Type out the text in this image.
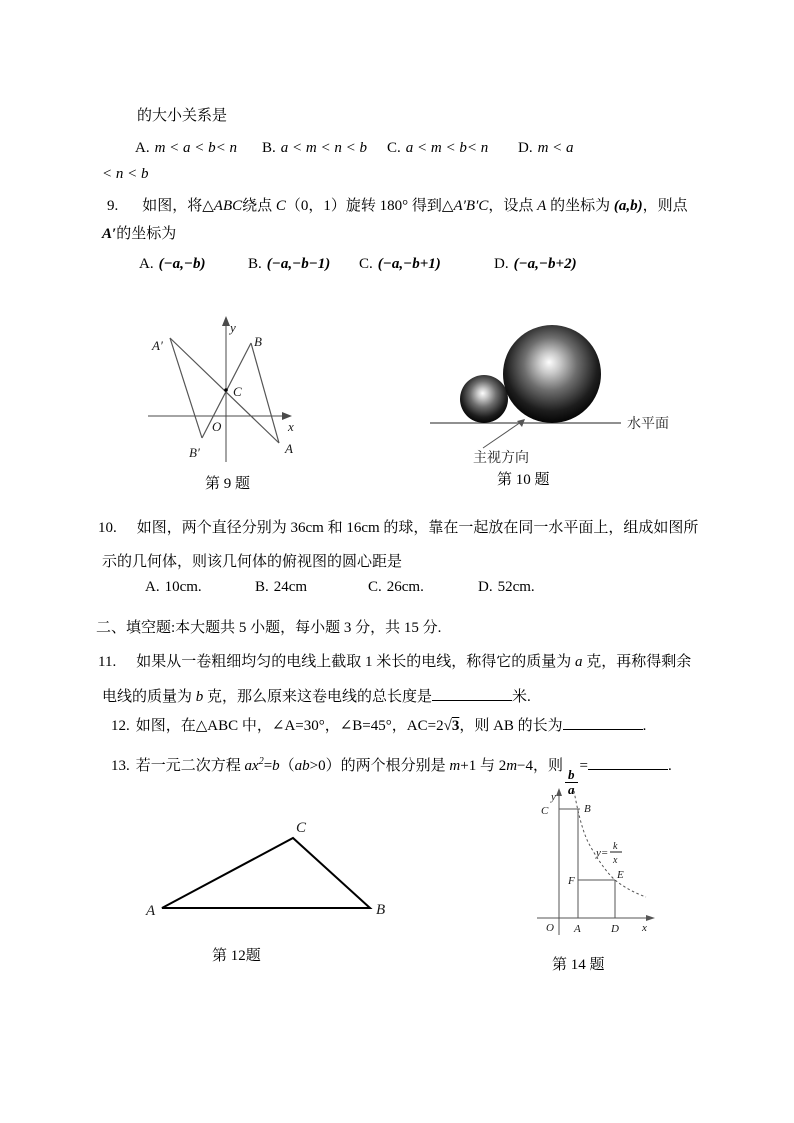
的大小关系是
A. m < a < b< n B. a < m < n < b C. a < m < b< n D. m < a
< n < b
9. 如图，将△ABC绕点 C（0，1）旋转 180° 得到△A′B′C，设点 A 的坐标为 (a,b)，则点
A′的坐标为
A. (−a,−b)	B. (−a,−b−1) C. (−a,−b+1)	D. (−a,−b+2)
y
x
O
C
B
A
A′
B′
第 9 题
水平面
主视方向
第 10 题
10. 如图，两个直径分别为 36cm 和 16cm 的球，靠在一起放在同一水平面上，组成如图所
示的几何体，则该几何体的俯视图的圆心距是
A. 10cm.	B. 24cm	C. 26cm.	D. 52cm.
二、填空题:本大题共 5 小题，每小题 3 分，共 15 分.
11. 如果从一卷粗细均匀的电线上截取 1 米长的电线，称得它的质量为 a 克，再称得剩余
电线的质量为 b 克，那么原来这卷电线的总长度是	米.
12. 如图，在△ABC 中，∠A=30°，∠B=45°，AC=2√3，则 AB 的长为	.
13. 若一元二次方程 $ax^2=b(ab>0)$的两个根分别是 m+1 与 2m−4，则
$\frac{b}{a}$
=	.
A	B
C
第 12题
y
x
O
C	B
F	E
A	D
y=
k
x
第 14 题
